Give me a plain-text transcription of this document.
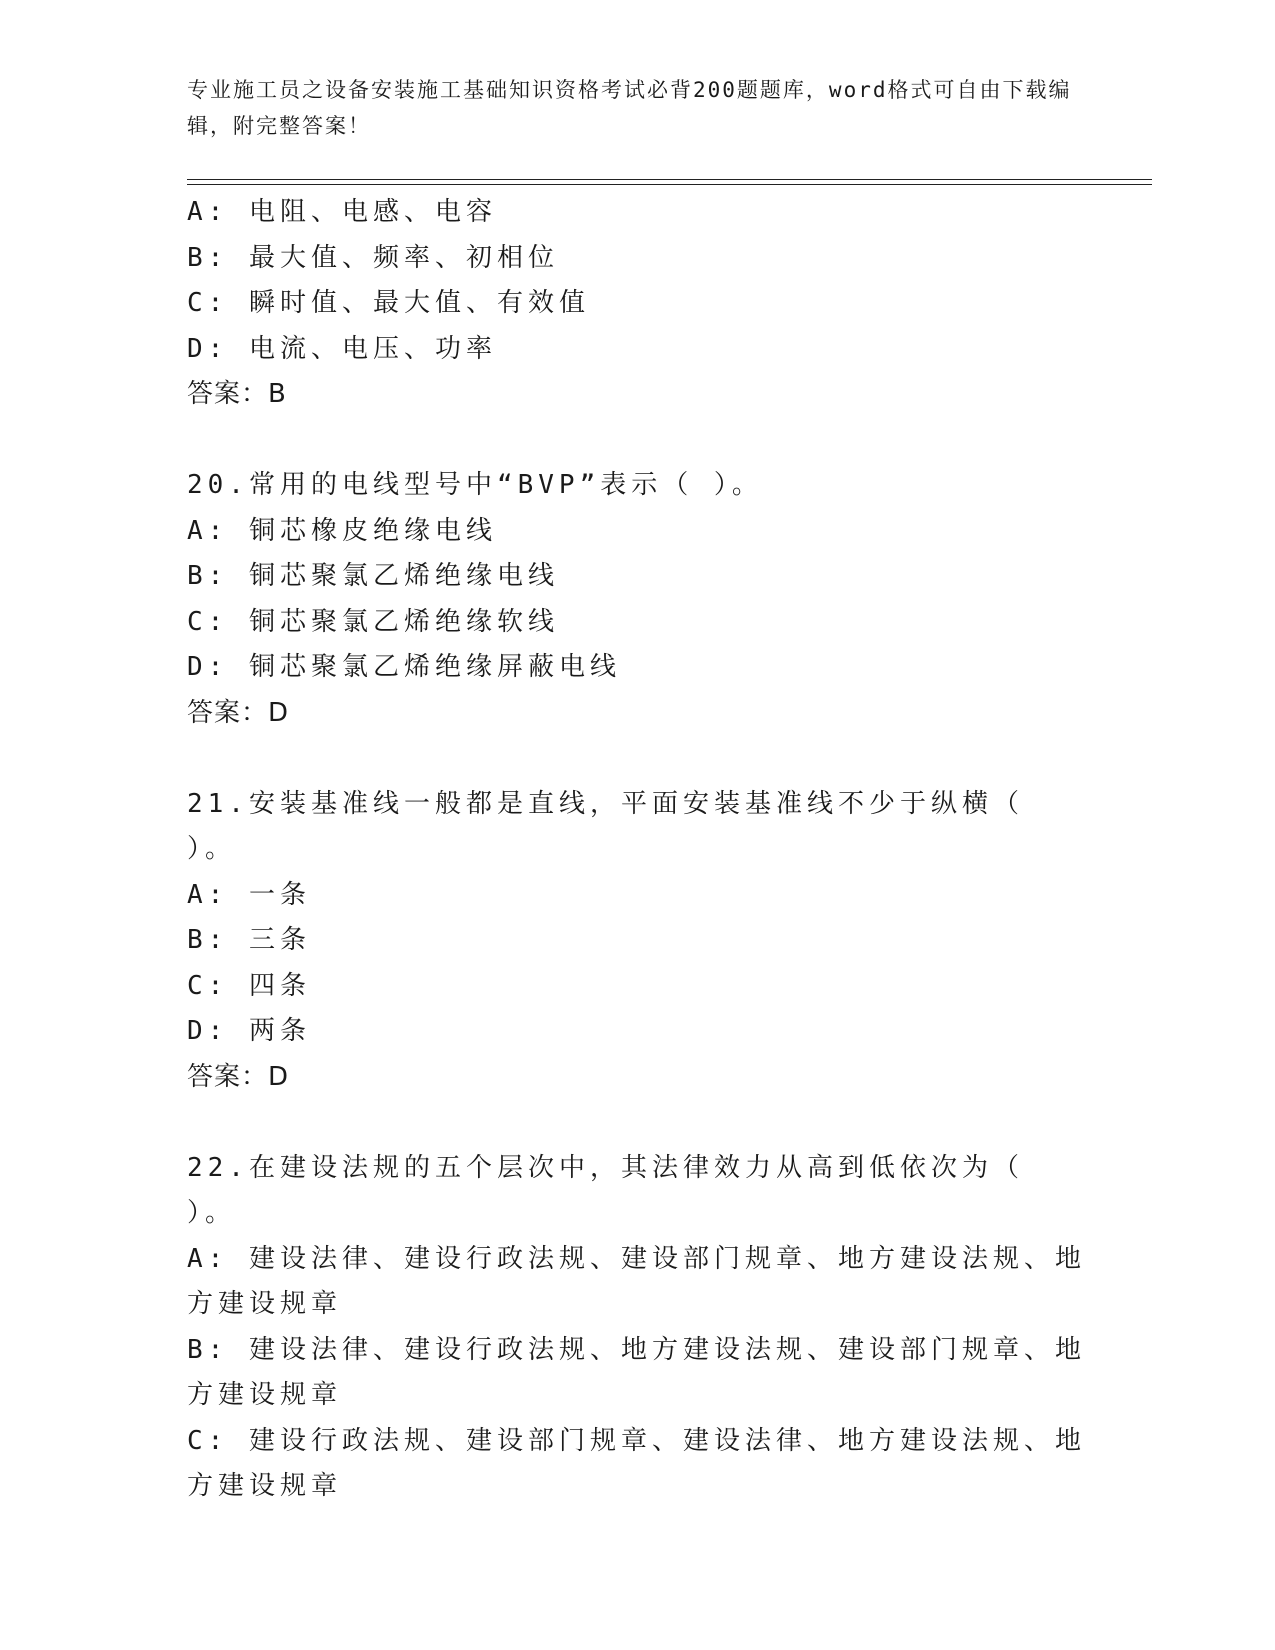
专业施工员之设备安装施工基础知识资格考试必背200题题库，word格式可自由下载编辑，附完整答案！

A: 电阻、电感、电容

B: 最大值、频率、初相位

C: 瞬时值、最大值、有效值

D: 电流、电压、功率

答案：B

20.常用的电线型号中“BVP”表示（ ）。

A: 铜芯橡皮绝缘电线

B: 铜芯聚氯乙烯绝缘电线

C: 铜芯聚氯乙烯绝缘软线

D: 铜芯聚氯乙烯绝缘屏蔽电线

答案：D

21.安装基准线一般都是直线，平面安装基准线不少于纵横（ ）。

A: 一条

B: 三条

C: 四条

D: 两条

答案：D

22.在建设法规的五个层次中，其法律效力从高到低依次为（ ）。

A: 建设法律、建设行政法规、建设部门规章、地方建设法规、地方建设规章

B: 建设法律、建设行政法规、地方建设法规、建设部门规章、地方建设规章

C: 建设行政法规、建设部门规章、建设法律、地方建设法规、地方建设规章
